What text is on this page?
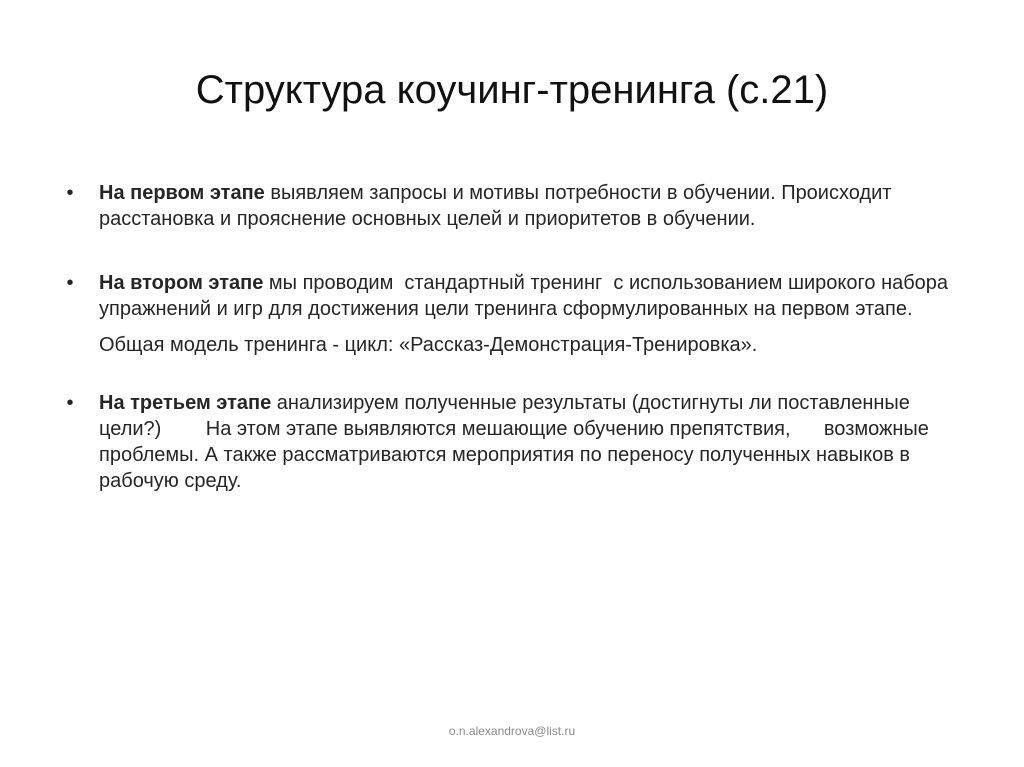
Структура коучинг-тренинга (с.21)
•	На первом этапе выявляем запросы и мотивы потребности в обучении. Происходит расстановка и прояснение основных целей и приоритетов в обучении.
•	На втором этапе мы проводим  стандартный тренинг  с использованием широкого набора упражнений и игр для достижения цели тренинга сформулированных на первом этапе.
Общая модель тренинга - цикл: «Рассказ-Демонстрация-Тренировка».
•	На третьем этапе анализируем полученные результаты (достигнуты ли поставленные цели?)        На этом этапе выявляются мешающие обучению препятствия,      возможные проблемы. А также рассматриваются мероприятия по переносу полученных навыков в рабочую среду.
o.n.alexandrova@list.ru
